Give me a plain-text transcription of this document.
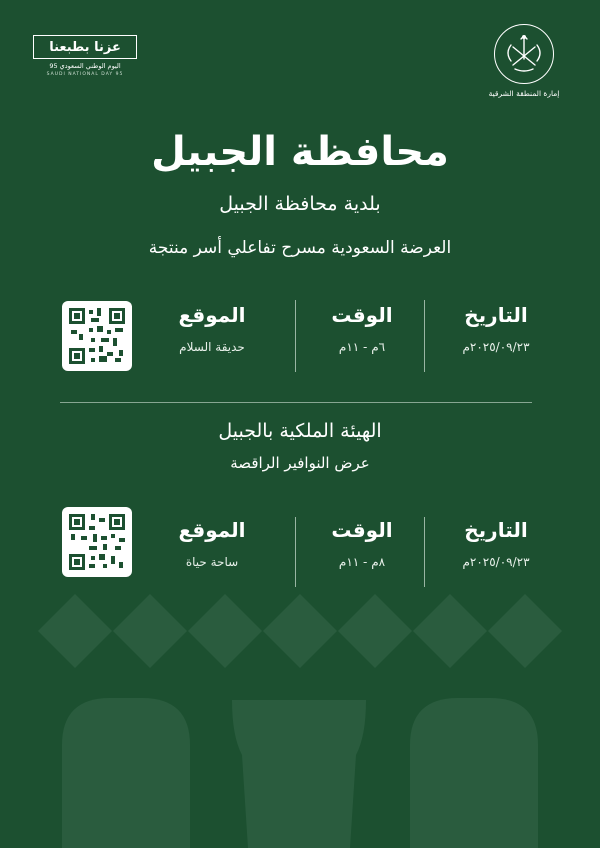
عزنا بطبعنا
اليوم الوطني السعودي 95
SAUDI NATIONAL DAY 95
إمارة المنطقة الشرقية
محافظة الجبيل
بلدية محافظة الجبيل
العرضة السعودية مسرح تفاعلي أسر منتجة
التاريخ
٢٠٢٥/٠٩/٢٣م
الوقت
٦م - ١١م
الموقع
حديقة السلام
الهيئة الملكية بالجبيل
عرض النوافير الراقصة
التاريخ
٢٠٢٥/٠٩/٢٣م
الوقت
٨م - ١١م
الموقع
ساحة حياة
